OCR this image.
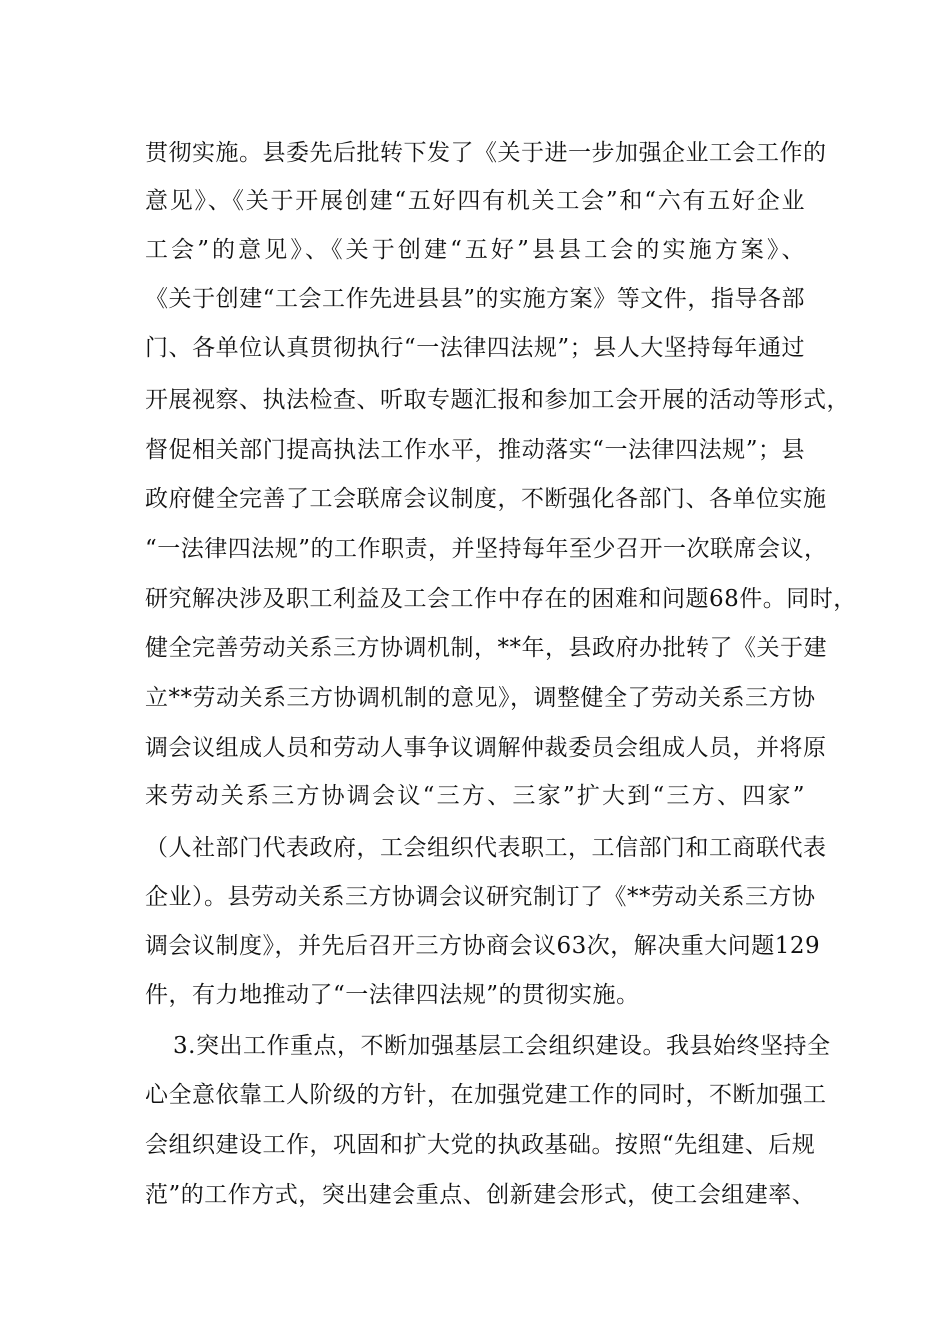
贯彻实施。县委先后批转下发了《关于进一步加强企业工会工作的
意见》、《关于开展创建“五好四有机关工会”和“六有五好企业
工会”的意见》、《关于创建“五好”县县工会的实施方案》、
《关于创建“工会工作先进县县”的实施方案》等文件，指导各部
门、各单位认真贯彻执行“一法律四法规”；县人大坚持每年通过
开展视察、执法检查、听取专题汇报和参加工会开展的活动等形式，
督促相关部门提高执法工作水平，推动落实“一法律四法规”；县
政府健全完善了工会联席会议制度，不断强化各部门、各单位实施
“一法律四法规”的工作职责，并坚持每年至少召开一次联席会议，
研究解决涉及职工利益及工会工作中存在的困难和问题68件。同时，
健全完善劳动关系三方协调机制，**年，县政府办批转了《关于建
立**劳动关系三方协调机制的意见》，调整健全了劳动关系三方协
调会议组成人员和劳动人事争议调解仲裁委员会组成人员，并将原
来劳动关系三方协调会议“三方、三家”扩大到“三方、四家”
（人社部门代表政府，工会组织代表职工，工信部门和工商联代表
企业）。县劳动关系三方协调会议研究制订了《**劳动关系三方协
调会议制度》，并先后召开三方协商会议63次，解决重大问题129
件，有力地推动了“一法律四法规”的贯彻实施。
3.突出工作重点，不断加强基层工会组织建设。我县始终坚持全
心全意依靠工人阶级的方针，在加强党建工作的同时，不断加强工
会组织建设工作，巩固和扩大党的执政基础。按照“先组建、后规
范”的工作方式，突出建会重点、创新建会形式，使工会组建率、
